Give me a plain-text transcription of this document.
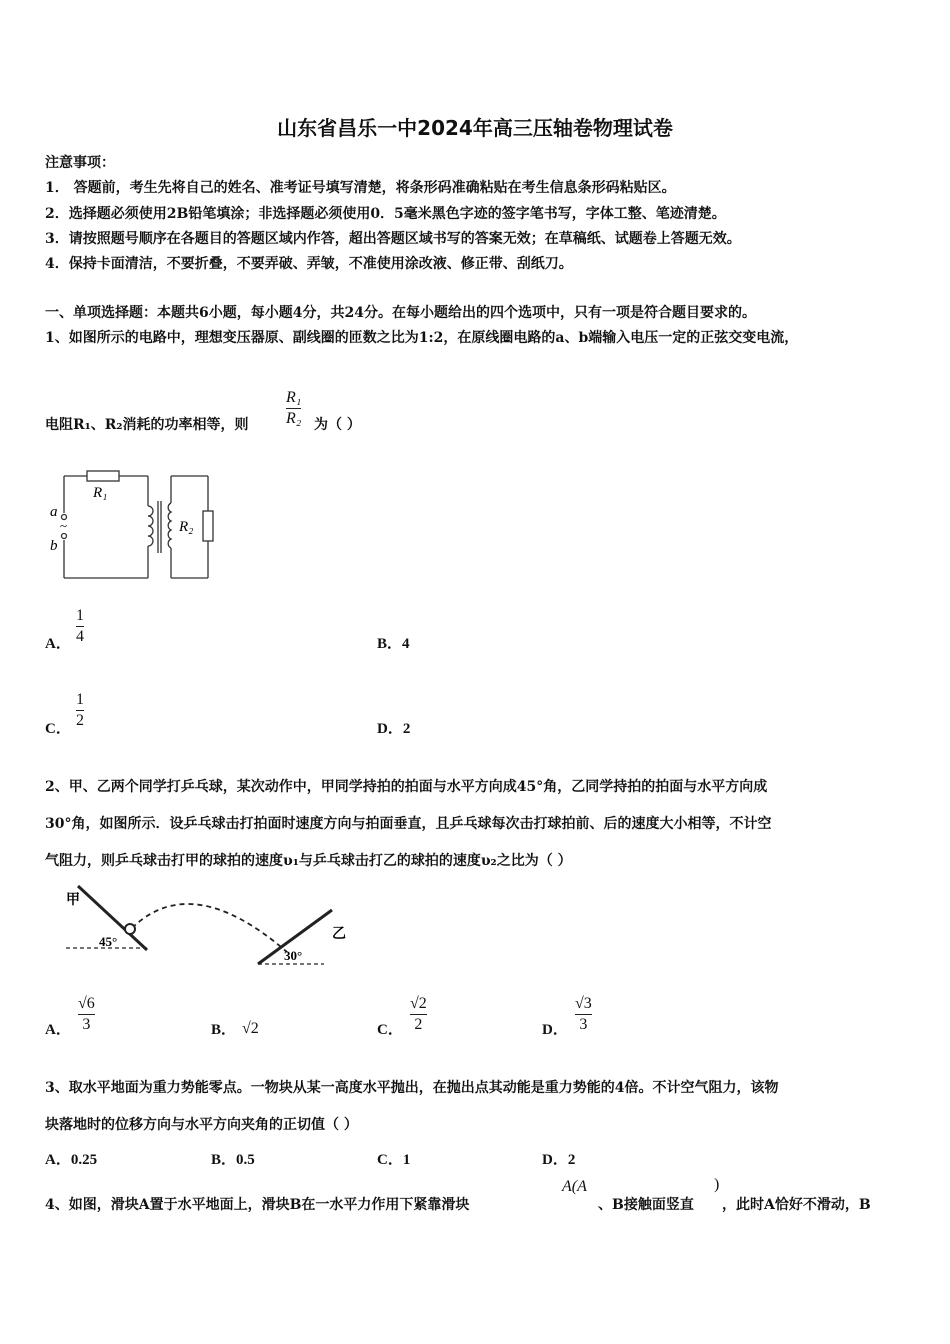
山东省昌乐一中2024年高三压轴卷物理试卷
注意事项：
1． 答题前，考生先将自己的姓名、准考证号填写清楚，将条形码准确粘贴在考生信息条形码粘贴区。
2．选择题必须使用2B铅笔填涂；非选择题必须使用0．5毫米黑色字迹的签字笔书写，字体工整、笔迹清楚。
3．请按照题号顺序在各题目的答题区域内作答，超出答题区域书写的答案无效；在草稿纸、试题卷上答题无效。
4．保持卡面清洁，不要折叠，不要弄破、弄皱，不准使用涂改液、修正带、刮纸刀。
一、单项选择题：本题共6小题，每小题4分，共24分。在每小题给出的四个选项中，只有一项是符合题目要求的。
1、如图所示的电路中，理想变压器原、副线圈的匝数之比为1:2，在原线圈电路的a、b端输入电压一定的正弦交变电流，
电阻R₁、R₂消耗的功率相等，则
R₁
R₂ 为（ ）
R₁
R₂
a
~
b
A．
1
4	B．4
C．
1
2	D．2
2、甲、乙两个同学打乒乓球，某次动作中，甲同学持拍的拍面与水平方向成45°角，乙同学持拍的拍面与水平方向成
30°角，如图所示．设乒乓球击打拍面时速度方向与拍面垂直，且乒乓球每次击打球拍前、后的速度大小相等，不计空
气阻力，则乒乓球击打甲的球拍的速度υ₁与乒乓球击打乙的球拍的速度υ₂之比为（ ）
甲
45°
30°
乙
A．
√6
3	B． √2	C．
√2
2	D．
√3
3
3、取水平地面为重力势能零点。一物块从某一高度水平抛出，在抛出点其动能是重力势能的4倍。不计空气阻力，该物
块落地时的位移方向与水平方向夹角的正切值（ ）
A．0.25	B．0.5	C．1	D．2
4、如图，滑块A置于水平地面上，滑块B在一水平力作用下紧靠滑块
A(A
、B接触面竖直
)
，此时A恰好不滑动，B
